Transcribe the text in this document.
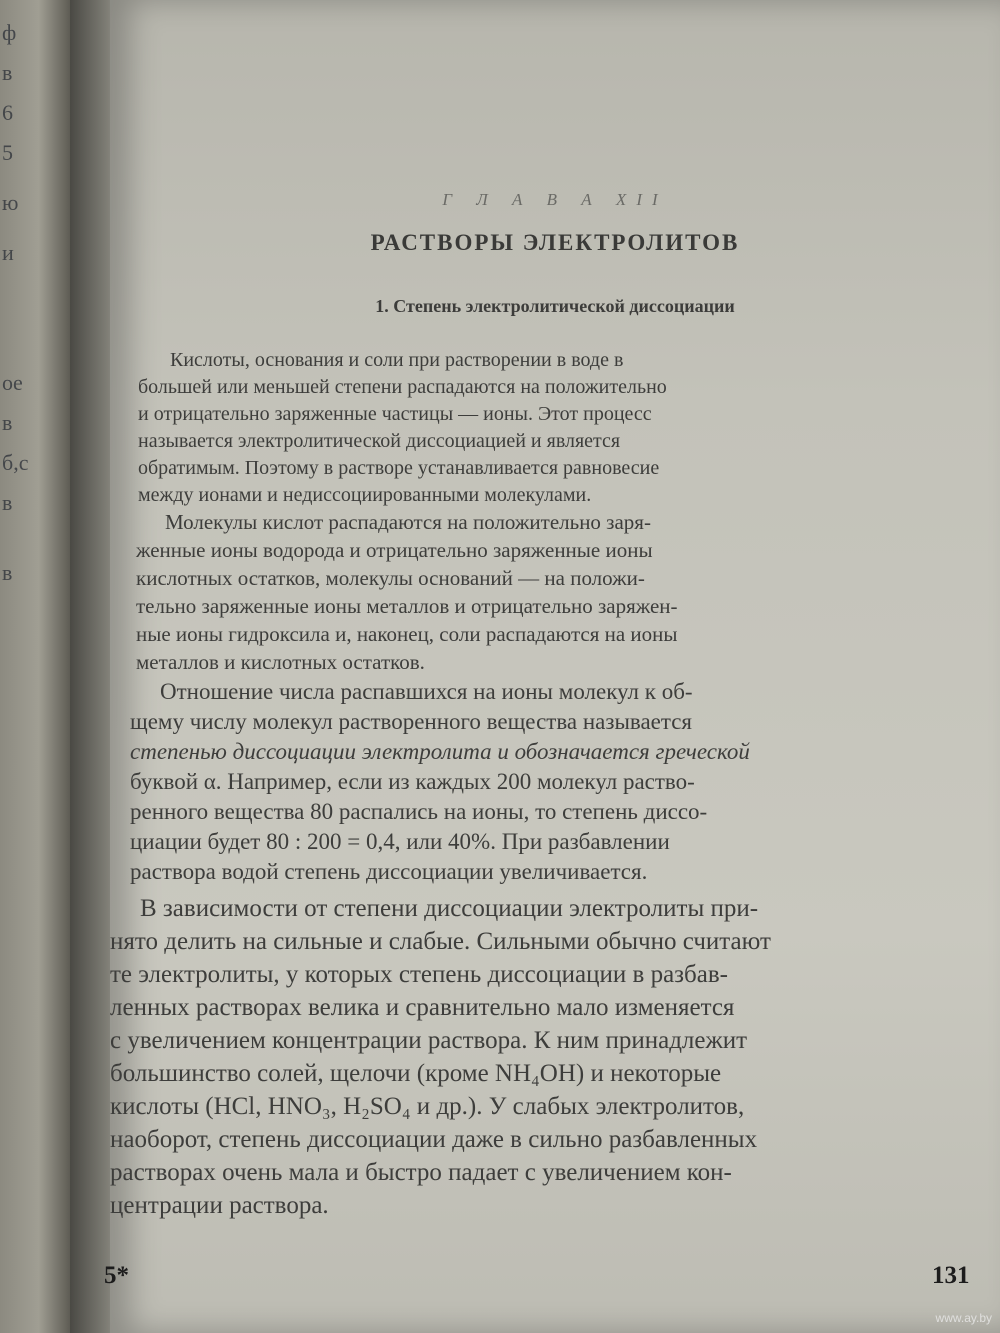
ф
в
6
5
ю
и
оe
в
б,с
в
в
Г Л А В А XII
РАСТВОРЫ ЭЛЕКТРОЛИТОВ
1. Степень электролитической диссоциации
Кислоты, основания и соли при растворении в воде в
большей или меньшей степени распадаются на положительно
и отрицательно заряженные частицы — ионы. Этот процесс
называется электролитической диссоциацией и является
обратимым. Поэтому в растворе устанавливается равновесие
между ионами и недиссоциированными молекулами.
Молекулы кислот распадаются на положительно заря-
женные ионы водорода и отрицательно заряженные ионы
кислотных остатков, молекулы оснований — на положи-
тельно заряженные ионы металлов и отрицательно заряжен-
ные ионы гидроксила и, наконец, соли распадаются на ионы
металлов и кислотных остатков.
Отношение числа распавшихся на ионы молекул к об-
щему числу молекул растворенного вещества называется
степенью диссоциации электролита и обозначается греческой
буквой α. Например, если из каждых 200 молекул раство-
ренного вещества 80 распались на ионы, то степень диссо-
циации будет 80 : 200 = 0,4, или 40%. При разбавлении
раствора водой степень диссоциации увеличивается.
В зависимости от степени диссоциации электролиты при-
нято делить на сильные и слабые. Сильными обычно считают
те электролиты, у которых степень диссоциации в разбав-
ленных растворах велика и сравнительно мало изменяется
с увеличением концентрации раствора. К ним принадлежит
большинство солей, щелочи (кроме NH₄OH) и некоторые
кислоты (HCl, HNO₃, H₂SO₄ и др.). У слабых электролитов,
наоборот, степень диссоциации даже в сильно разбавленных
растворах очень мала и быстро падает с увеличением кон-
центрации раствора.
5*	131
www.ay.by
